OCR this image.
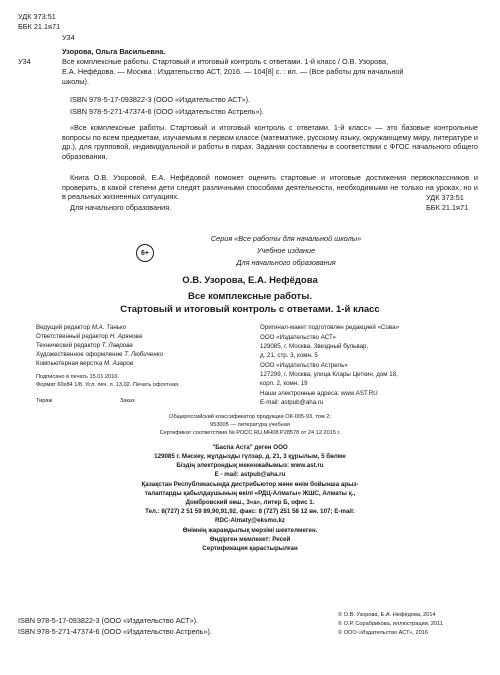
УДК 373:51
ББК 21.1я71
У34
Узорова, Ольга Васильевна.
У34	Все комплексные работы. Стартовый и итоговый контроль с ответами. 1-й класс / О.В. Узорова,
Е.А. Нефёдова. — Москва : Издательство АСТ, 2016. — 104[8] с. : ил. — (Все работы для начальной
школы).
ISBN 978-5-17-093822-3 (ООО «Издательство АСТ»).
ISBN 978-5-271-47374-6 (ООО «Издательство Астрель»).
«Все комплексные работы. Стартовый и итоговый контроль с ответами. 1-й класс» — это базовые контрольные вопросы по всем предметам, изучаемым в первом классе (математике, русскому языку, окружающему миру, литературе и др.), для групповой, индивидуальной и работы в парах. Задания составлены в соответствии с ФГОС начального общего образования.
Книга О.В. Узоровой, Е.А. Нефёдовой поможет оценить стартовые и итоговые достижения первоклассников и проверить, в какой степени дети следят различными способами деятельности, необходимыми не только на уроках, но и в реальных жизненных ситуациях.
Для начального образования.
УДК 373:51
ББК 21.1я71
6+
Серия «Все работы для начальной школы»
Учебное издание
Для начального образования
О.В. Узорова, Е.А. Нефёдова
Все комплексные работы.
Стартовый и итоговый контроль с ответами. 1-й класс
Ведущий редактор М.А. Танько
Ответственный редактор Н. Арянова
Технический редактор Т. Лаврова
Художественное оформление Т. Любиченко
Компьютерная верстка М. Азаров
Оригинал-макет подготовлен редакцией «Сова»
ООО «Издательство АСТ»
129085, г. Москва, Звездный бульвар,
д. 21, стр. 3, комн. 5
ООО «Издательство Астрель»
127299, г. Москва, улица Клары Цеткин, дом 18,
корп. 2, комн. 19
Наши электронные адреса: www.AST.RU
E-mail: astpub@aha.ru
Подписано в печать 15.01.2016.
Формат 60х84 1/8. Усл. печ. л. 13,02. Печать офсетная.
Тираж	Заказ
Общероссийский классификатор продукции ОК-005-93, том 2;
953005 — литература учебная
Сертификат соответствия № РОСС RU.МН08.Р28578 от 24.12.2015 г.
"Баспа Аста" деген ООО
129085 г. Мәскеу, жұлдызды гүлзар, д. 21, 3 құрылым, 5 бөлме
Біздің электрондық мекенжайымыз: www.ast.ru
E - mail: astpub@aha.ru
Қазақстан Республикасында дистрибьютор және өнім бойынша арыз-
талаптарды қабылдаушының өкілі «РДЦ-Алматы» ЖШС, Алматы қ.,
Домбровский көш., 3«а», литер Б, офис 1.
Тел.: 8(727) 2 51 59 89,90,91,92, факс: 8 (727) 251 58 12 вн. 107; E-mail:
RDC-Almaty@eksmo.kz
Өнімнің жарамдылық мерзімі шектелмеген.
Өндірген мемлекет: Ресей
Сертификация қарастырылған
ISBN 978-5-17-093822-3 (ООО «Издательство АСТ»).
ISBN 978-5-271-47374-6 (ООО «Издательство Астрель»).
© О.В. Узорова, Е.А. Нефёдова, 2014
© О.Р. Сорабрикова, иллюстрации, 2011
© ООО «Издательство АСТ», 2016
